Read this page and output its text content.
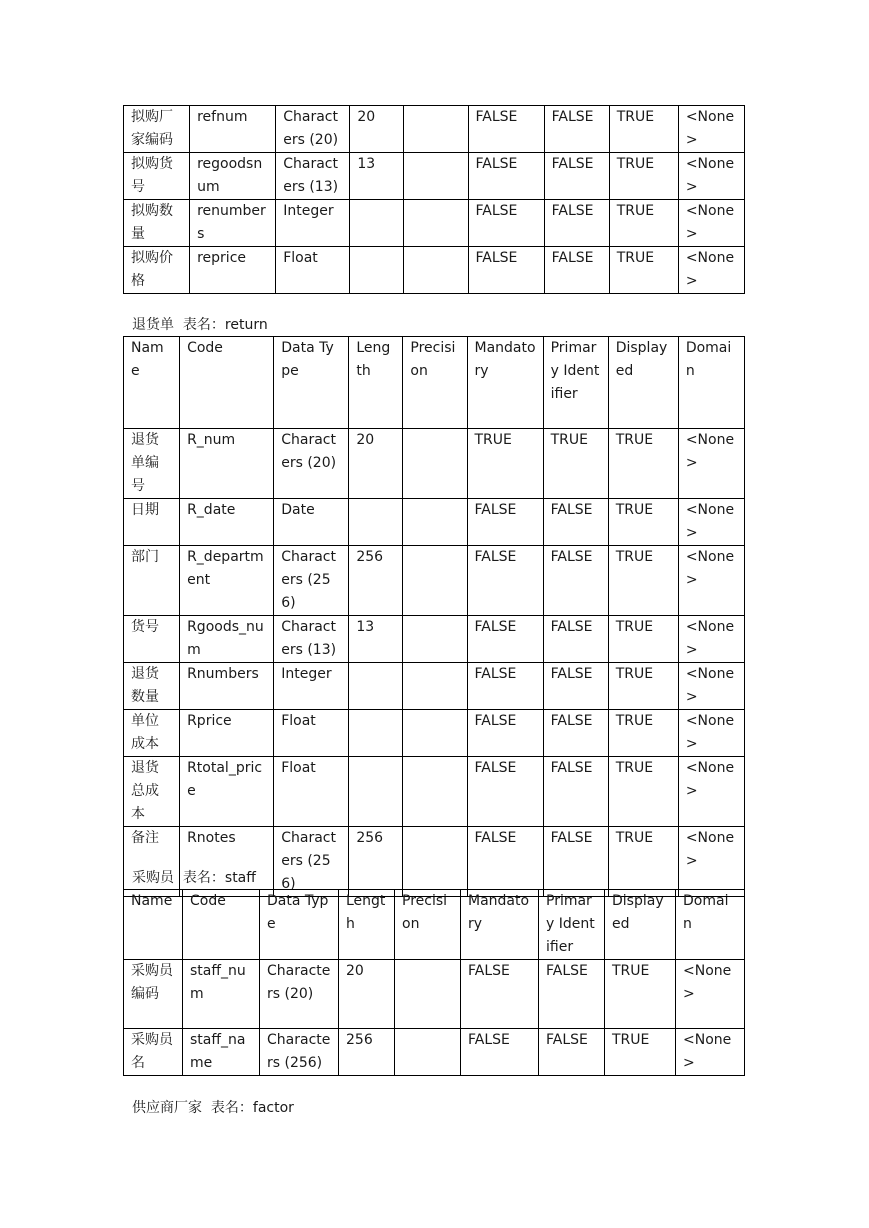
拟购厂家编码	refnum	Characters (20)	20		FALSE	FALSE	TRUE	<None>
拟购货号	regoodsnum	Characters (13)	13		FALSE	FALSE	TRUE	<None>
拟购数量	renumbers	Integer			FALSE	FALSE	TRUE	<None>
拟购价格	reprice	Float			FALSE	FALSE	TRUE	<None>
退货单  表名：return
Name	Code	Data Type	Length	Precision	Mandatory	Primary Identifier	Displayed	Domain
退货单编号	R_num	Characters (20)	20		TRUE	TRUE	TRUE	<None>
日期	R_date	Date			FALSE	FALSE	TRUE	<None>
部门	R_department	Characters (256)	256		FALSE	FALSE	TRUE	<None>
货号	Rgoods_num	Characters (13)	13		FALSE	FALSE	TRUE	<None>
退货数量	Rnumbers	Integer			FALSE	FALSE	TRUE	<None>
单位成本	Rprice	Float			FALSE	FALSE	TRUE	<None>
退货总成本	Rtotal_price	Float			FALSE	FALSE	TRUE	<None>
备注	Rnotes	Characters (256)	256		FALSE	FALSE	TRUE	<None>
采购员  表名：staff
Name	Code	Data Type	Length	Precision	Mandatory	Primary Identifier	Displayed	Domain
采购员编码	staff_num	Characters (20)	20		FALSE	FALSE	TRUE	<None>
采购员名	staff_name	Characters (256)	256		FALSE	FALSE	TRUE	<None>
供应商厂家  表名：factor
